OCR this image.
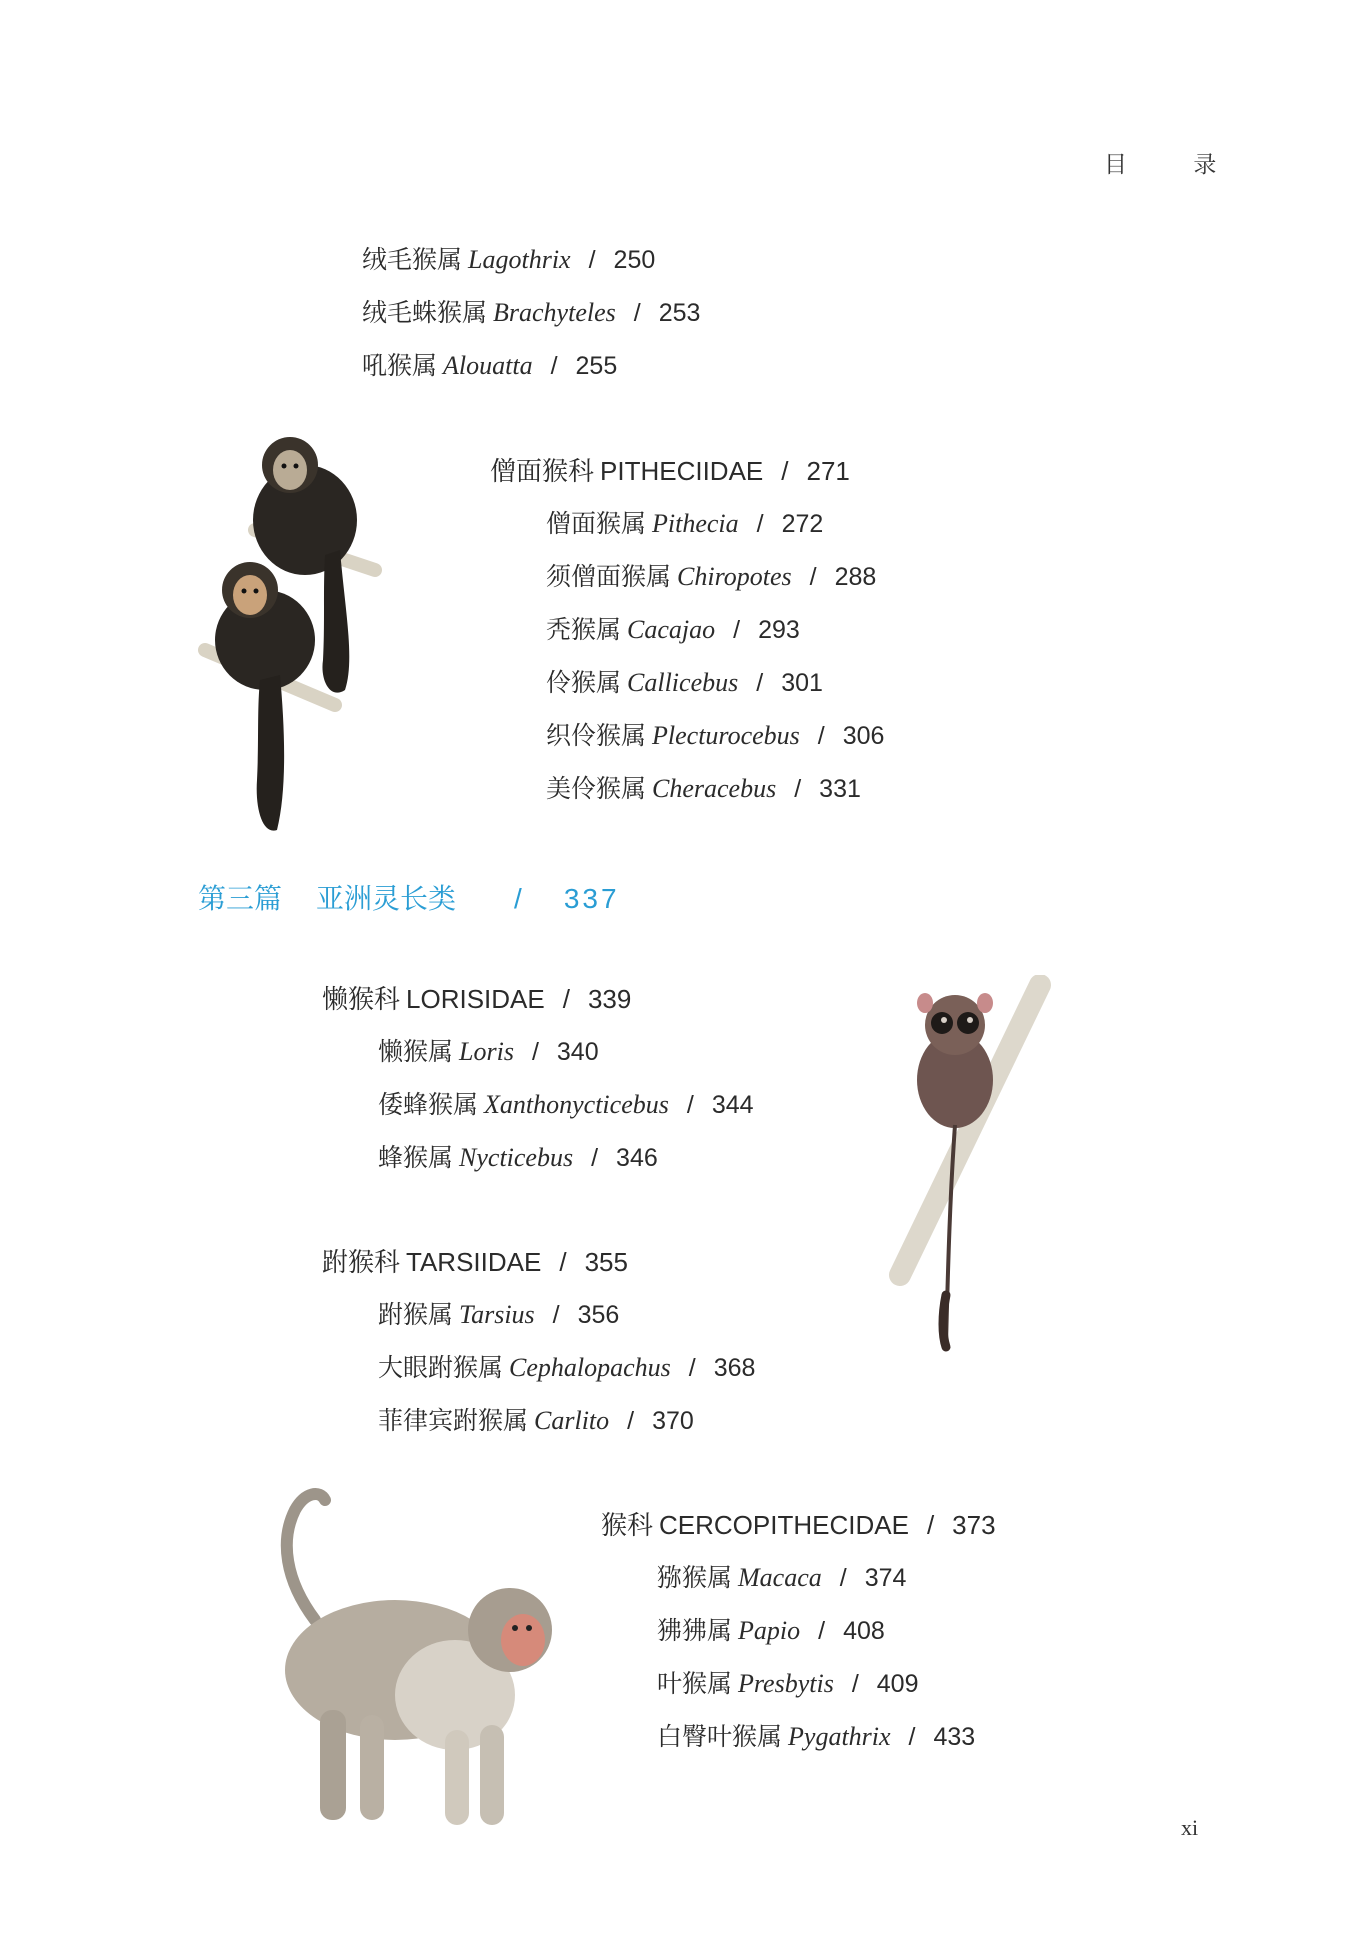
目 录
绒毛猴属 Lagothrix / 250
绒毛蛛猴属 Brachyteles / 253
吼猴属 Alouatta / 255
僧面猴科 PITHECIIDAE / 271
僧面猴属 Pithecia / 272
须僧面猴属 Chiropotes / 288
秃猴属 Cacajao / 293
伶猴属 Callicebus / 301
织伶猴属 Plecturocebus / 306
美伶猴属 Cheracebus / 331
第三篇 亚洲灵长类 / 337
懒猴科 LORISIDAE / 339
懒猴属 Loris / 340
倭蜂猴属 Xanthonycticebus / 344
蜂猴属 Nycticebus / 346
跗猴科 TARSIIDAE / 355
跗猴属 Tarsius / 356
大眼跗猴属 Cephalopachus / 368
菲律宾跗猴属 Carlito / 370
猴科 CERCOPITHECIDAE / 373
猕猴属 Macaca / 374
狒狒属 Papio / 408
叶猴属 Presbytis / 409
白臀叶猴属 Pygathrix / 433
xi
